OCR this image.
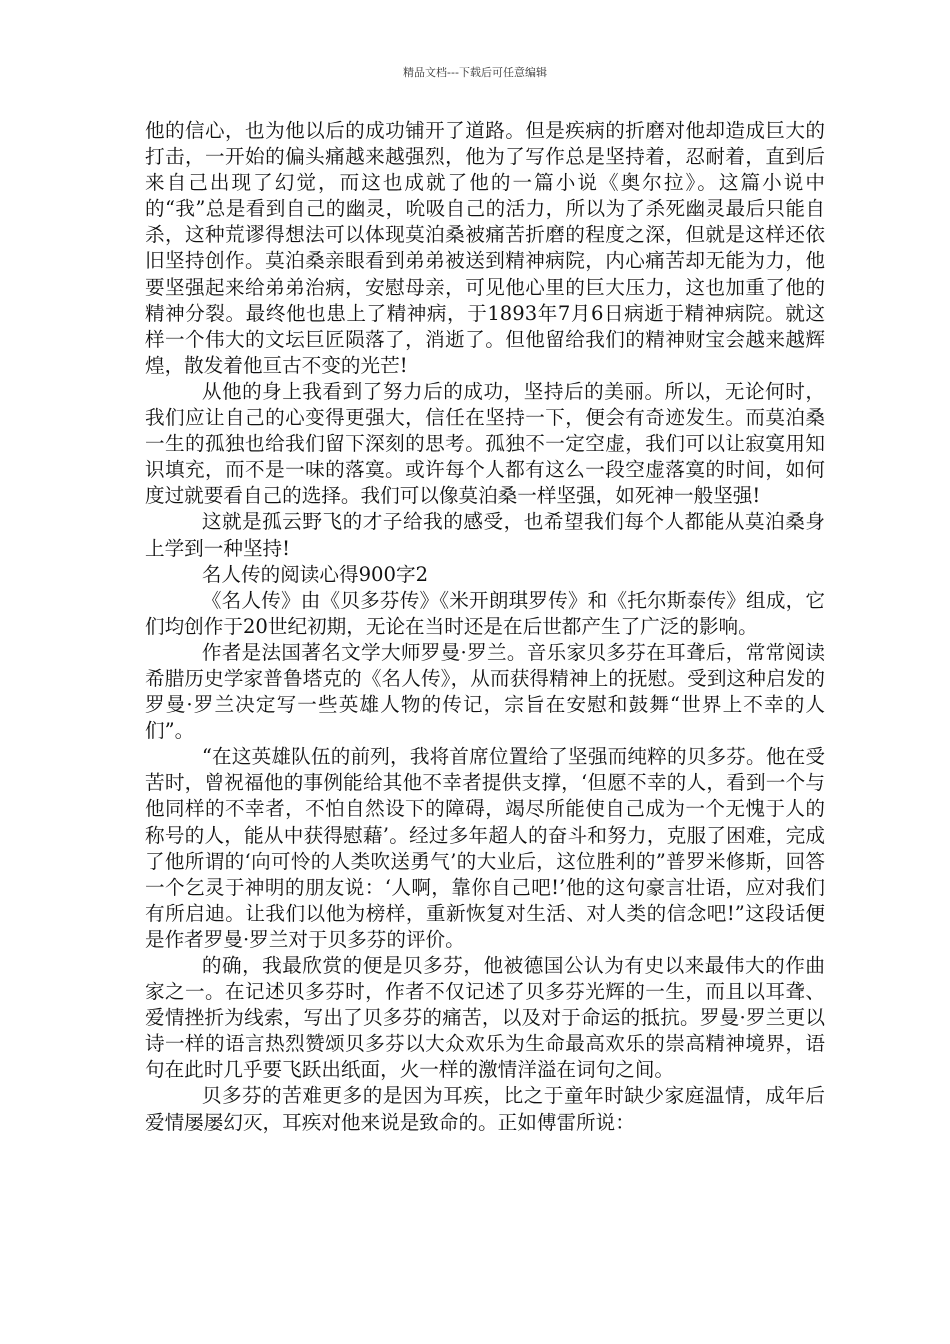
精品文档---下载后可任意编辑

他的信心，也为他以后的成功铺开了道路。但是疾病的折磨对他却造成巨大的打击，一开始的偏头痛越来越强烈，他为了写作总是坚持着，忍耐着，直到后来自己出现了幻觉，而这也成就了他的一篇小说《奥尔拉》。这篇小说中的“我”总是看到自己的幽灵，吮吸自己的活力，所以为了杀死幽灵最后只能自杀，这种荒谬得想法可以体现莫泊桑被痛苦折磨的程度之深，但就是这样还依旧坚持创作。莫泊桑亲眼看到弟弟被送到精神病院，内心痛苦却无能为力，他要坚强起来给弟弟治病，安慰母亲，可见他心里的巨大压力，这也加重了他的精神分裂。最终他也患上了精神病，于1893年7月6日病逝于精神病院。就这样一个伟大的文坛巨匠陨落了，消逝了。但他留给我们的精神财宝会越来越辉煌，散发着他亘古不变的光芒!

从他的身上我看到了努力后的成功，坚持后的美丽。所以，无论何时，我们应让自己的心变得更强大，信任在坚持一下，便会有奇迹发生。而莫泊桑一生的孤独也给我们留下深刻的思考。孤独不一定空虚，我们可以让寂寞用知识填充，而不是一味的落寞。或许每个人都有这么一段空虚落寞的时间，如何度过就要看自己的选择。我们可以像莫泊桑一样坚强，如死神一般坚强!

这就是孤云野飞的才子给我的感受，也希望我们每个人都能从莫泊桑身上学到一种坚持!

名人传的阅读心得900字2

《名人传》由《贝多芬传》《米开朗琪罗传》和《托尔斯泰传》组成，它们均创作于20世纪初期，无论在当时还是在后世都产生了广泛的影响。

作者是法国著名文学大师罗曼·罗兰。音乐家贝多芬在耳聋后，常常阅读希腊历史学家普鲁塔克的《名人传》，从而获得精神上的抚慰。受到这种启发的罗曼·罗兰决定写一些英雄人物的传记，宗旨在安慰和鼓舞“世界上不幸的人们”。

“在这英雄队伍的前列，我将首席位置给了坚强而纯粹的贝多芬。他在受苦时，曾祝福他的事例能给其他不幸者提供支撑，‘但愿不幸的人，看到一个与他同样的不幸者，不怕自然设下的障碍，竭尽所能使自己成为一个无愧于人的称号的人，能从中获得慰藉’。经过多年超人的奋斗和努力，克服了困难，完成了他所谓的‘向可怜的人类吹送勇气’的大业后，这位胜利的”普罗米修斯，回答一个乞灵于神明的朋友说：‘人啊，靠你自己吧!’他的这句豪言壮语，应对我们有所启迪。让我们以他为榜样，重新恢复对生活、对人类的信念吧!”这段话便是作者罗曼·罗兰对于贝多芬的评价。

的确，我最欣赏的便是贝多芬，他被德国公认为有史以来最伟大的作曲家之一。在记述贝多芬时，作者不仅记述了贝多芬光辉的一生，而且以耳聋、爱情挫折为线索，写出了贝多芬的痛苦，以及对于命运的抵抗。罗曼·罗兰更以诗一样的语言热烈赞颂贝多芬以大众欢乐为生命最高欢乐的崇高精神境界，语句在此时几乎要飞跃出纸面，火一样的激情洋溢在词句之间。

贝多芬的苦难更多的是因为耳疾，比之于童年时缺少家庭温情，成年后爱情屡屡幻灭，耳疾对他来说是致命的。正如傅雷所说：
